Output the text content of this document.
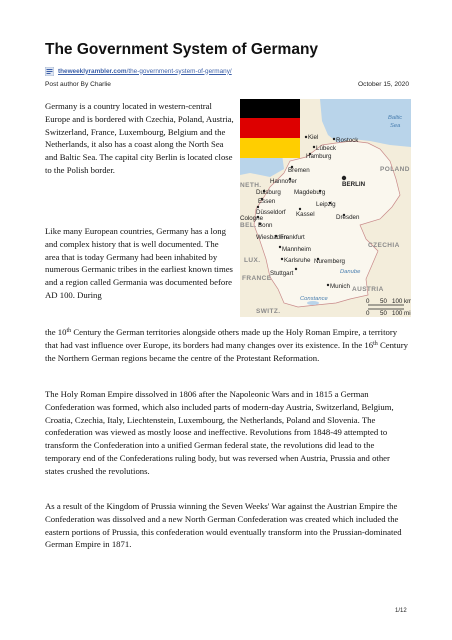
The Government System of Germany
theweeklyrambler.com/the-government-system-of-germany/
Post author By Charlie	October 15, 2020

Germany is a country located in western-central Europe and is bordered with Czechia, Poland, Austria, Switzerland, France, Luxembourg, Belgium and the Netherlands, it also has a coast along the North Sea and Baltic Sea. The capital city Berlin is located close to the Polish border.

Like many European countries, Germany has a long and complex history that is well documented. The area that is today Germany had been inhabited by numerous Germanic tribes in the earliest known times and a region called Germania was documented before AD 100. During

the 10th Century the German territories alongside others made up the Holy Roman Empire, a territory that had vast influence over Europe, its borders had many changes over its existence. In the 16th Century the Northern German regions became the centre of the Protestant Reformation.

The Holy Roman Empire dissolved in 1806 after the Napoleonic Wars and in 1815 a German Confederation was formed, which also included parts of modern-day Austria, Switzerland, Belgium, Croatia, Czechia, Italy, Liechtenstein, Luxembourg, the Netherlands, Poland and Slovenia. The confederation was viewed as mostly loose and ineffective. Revolutions from 1848-49 attempted to transform the Confederation into a unified German federal state, the revolutions did lead to the temporary end of the Confederations ruling body, but was reversed when Austria, Prussia and other states crushed the revolutions.

As a result of the Kingdom of Prussia winning the Seven Weeks' War against the Austrian Empire the Confederation was dissolved and a new North German Confederation was created which included the eastern portions of Prussia, this confederation would eventually transform into the Prussian-dominated German Empire in 1871.

Baltic
Sea
POLAND
NETH.
BEL.
LUX.
FRANCE
CZECHIA
AUSTRIA
SWITZ.
Kiel	Rostock
Lübeck
Hamburg
Bremen
Hannover	BERLIN
Duisburg Magdeburg
Essen	Leipzig
Düsseldorf Kassel
Cologne	Dresden
Bonn
Wiesbaden
Frankfurt
Mannheim
Karlsruhe Nuremberg
Stuttgart
Munich
Danube
Constance	0 50 100 km
0 50 100 mi
1/12
